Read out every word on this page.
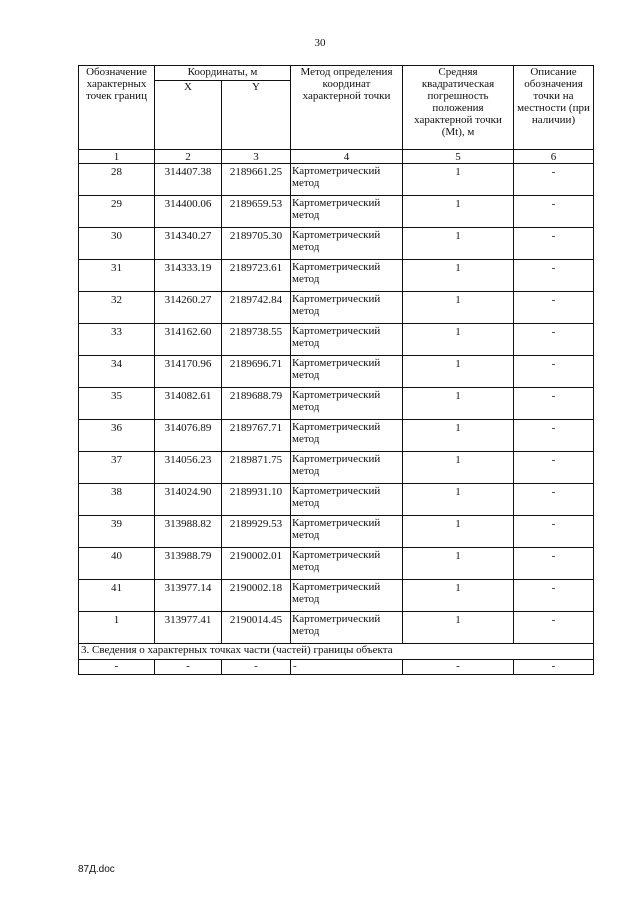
30
Обозначение характерных точек границ	Координаты, м		Метод определения координат характерной точки	Средняя квадратическая погрешность положения характерной точки (Mt), м	Описание обозначения точки на местности (при наличии)
	X	Y			
1	2	3	4	5	6
28	314407.38	2189661.25	Картометрический метод	1	-
29	314400.06	2189659.53	Картометрический метод	1	-
30	314340.27	2189705.30	Картометрический метод	1	-
31	314333.19	2189723.61	Картометрический метод	1	-
32	314260.27	2189742.84	Картометрический метод	1	-
33	314162.60	2189738.55	Картометрический метод	1	-
34	314170.96	2189696.71	Картометрический метод	1	-
35	314082.61	2189688.79	Картометрический метод	1	-
36	314076.89	2189767.71	Картометрический метод	1	-
37	314056.23	2189871.75	Картометрический метод	1	-
38	314024.90	2189931.10	Картометрический метод	1	-
39	313988.82	2189929.53	Картометрический метод	1	-
40	313988.79	2190002.01	Картометрический метод	1	-
41	313977.14	2190002.18	Картометрический метод	1	-
1	313977.41	2190014.45	Картометрический метод	1	-
3. Сведения о характерных точках части (частей) границы объекта					
-	-	-	-	-	-
87Д.doc
